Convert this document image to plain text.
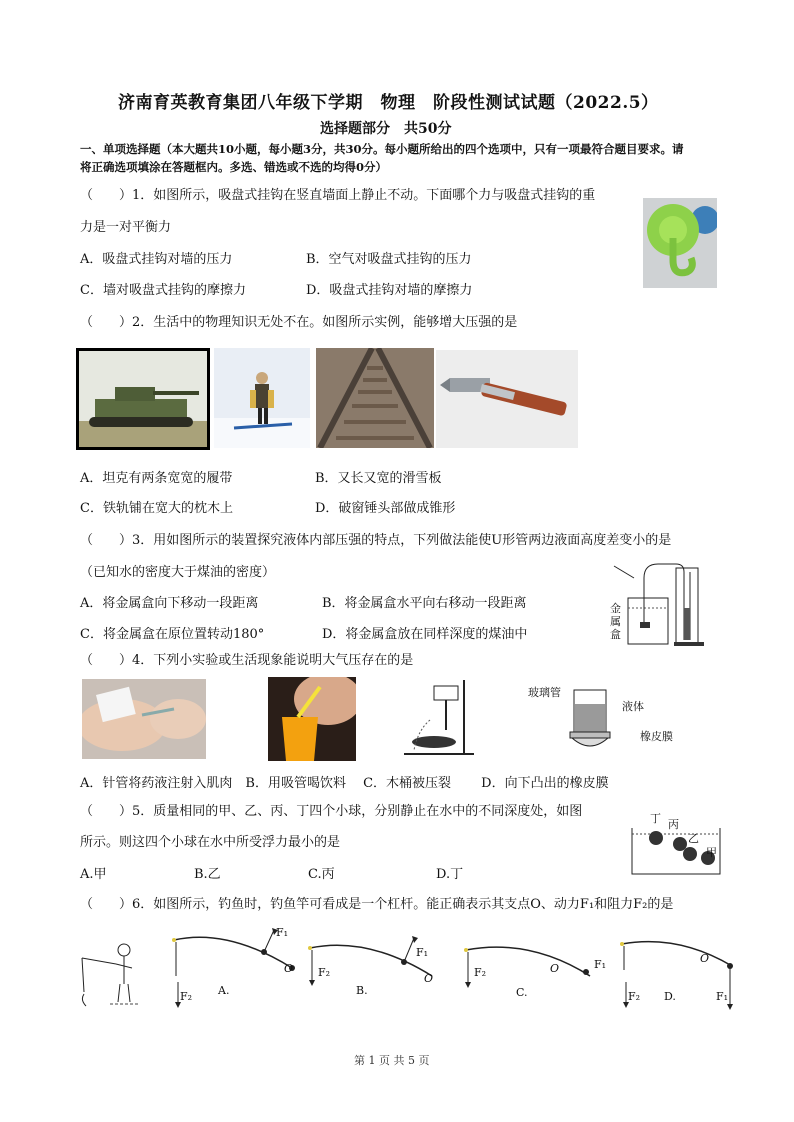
济南育英教育集团八年级下学期　物理　阶段性测试试题（2022.5）
选择题部分　共50分
一、单项选择题（本大题共10小题，每小题3分，共30分。每小题所给出的四个选项中，只有一项最符合题目要求。请
将正确选项填涂在答题框内。多选、错选或不选的均得0分）
（　　）1．如图所示，吸盘式挂钩在竖直墙面上静止不动。下面哪个力与吸盘式挂钩的重
力是一对平衡力
A．吸盘式挂钩对墙的压力	B．空气对吸盘式挂钩的压力
C．墙对吸盘式挂钩的摩擦力	D．吸盘式挂钩对墙的摩擦力
（　　）2．生活中的物理知识无处不在。如图所示实例，能够增大压强的是
A．坦克有两条宽宽的履带	B．又长又宽的滑雪板
C．铁轨铺在宽大的枕木上	D．破窗锤头部做成锥形
（　　）3．用如图所示的装置探究液体内部压强的特点，下列做法能使U形管两边液面高度差变小的是
（已知水的密度大于煤油的密度）
A．将金属盒向下移动一段距离	B．将金属盒水平向右移动一段距离
C．将金属盒在原位置转动180°	D．将金属盒放在同样深度的煤油中
金属盒
（　　）4．下列小实验或生活现象能说明大气压存在的是
玻璃管
液体
橡皮膜
A．针管将药液注射入肌肉　B．用吸管喝饮料　 C．木桶被压裂　　 D．向下凸出的橡皮膜
（　　）5．质量相同的甲、乙、丙、丁四个小球，分别静止在水中的不同深度处，如图
所示。则这四个小球在水中所受浮力最小的是
A.甲	B.乙	C.丙	D.丁
丁 丙
乙
甲
（　　）6．如图所示，钓鱼时，钓鱼竿可看成是一个杠杆。能正确表示其支点O、动力F₁和阻力F₂的是
F₁
F₂
O
A.
F₁
F₂	O
B.
F₁
F₂	O
C.	F₁
F₂
O
D.
第 1 页 共 5 页
